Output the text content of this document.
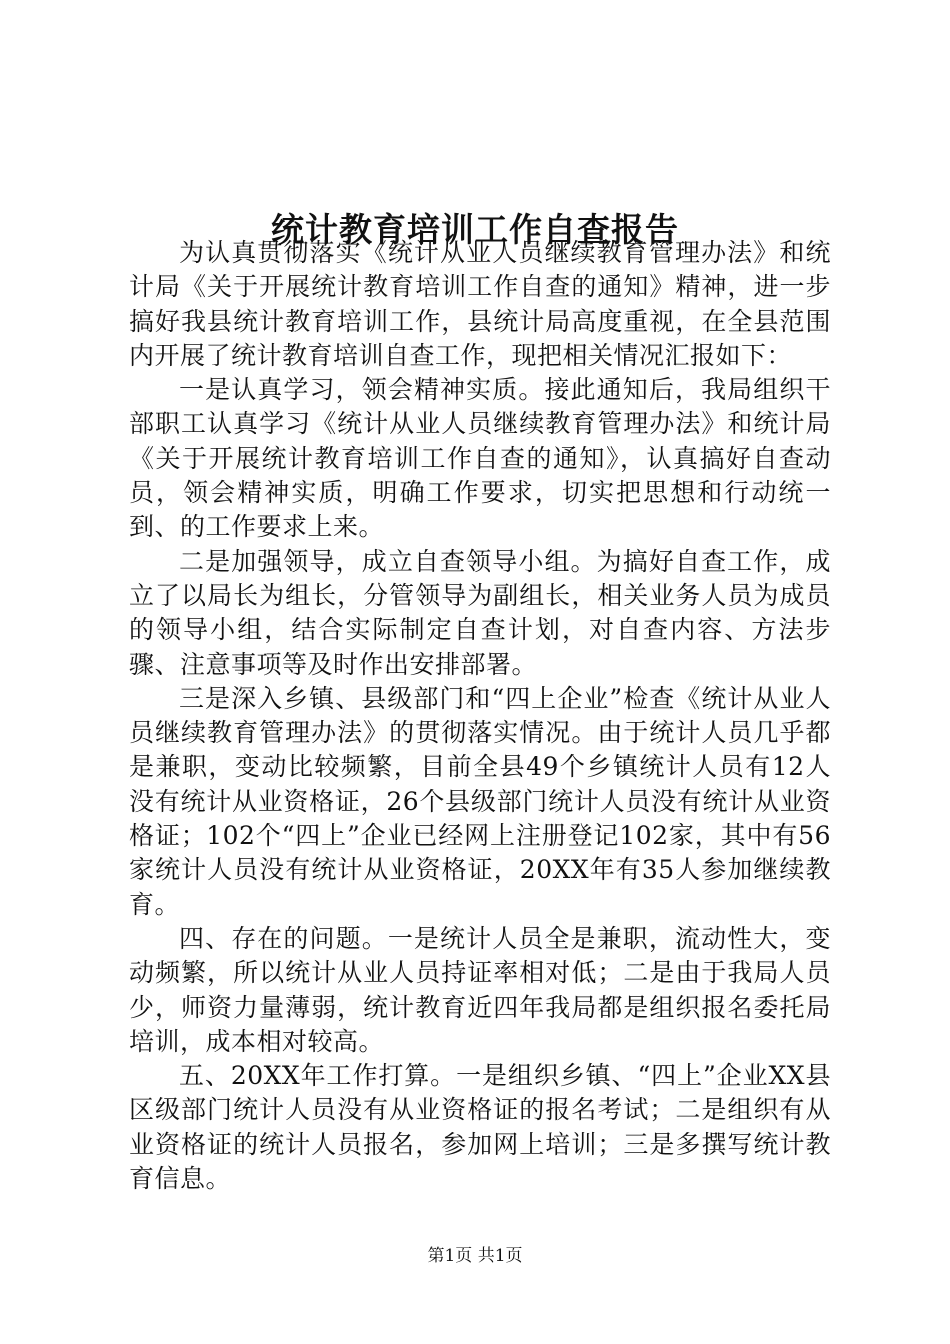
统计教育培训工作自查报告

为认真贯彻落实《统计从业人员继续教育管理办法》和统计局《关于开展统计教育培训工作自查的通知》精神，进一步搞好我县统计教育培训工作，县统计局高度重视，在全县范围内开展了统计教育培训自查工作，现把相关情况汇报如下：

一是认真学习，领会精神实质。接此通知后，我局组织干部职工认真学习《统计从业人员继续教育管理办法》和统计局《关于开展统计教育培训工作自查的通知》，认真搞好自查动员，领会精神实质，明确工作要求，切实把思想和行动统一到、的工作要求上来。

二是加强领导，成立自查领导小组。为搞好自查工作，成立了以局长为组长，分管领导为副组长，相关业务人员为成员的领导小组，结合实际制定自查计划，对自查内容、方法步骤、注意事项等及时作出安排部署。

三是深入乡镇、县级部门和“四上企业”检查《统计从业人员继续教育管理办法》的贯彻落实情况。由于统计人员几乎都是兼职，变动比较频繁，目前全县49个乡镇统计人员有12人没有统计从业资格证，26个县级部门统计人员没有统计从业资格证；102个“四上”企业已经网上注册登记102家，其中有56家统计人员没有统计从业资格证，20XX年有35人参加继续教育。

四、存在的问题。一是统计人员全是兼职，流动性大，变动频繁，所以统计从业人员持证率相对低；二是由于我局人员少，师资力量薄弱，统计教育近四年我局都是组织报名委托局培训，成本相对较高。

五、20XX年工作打算。一是组织乡镇、“四上”企业XX县区级部门统计人员没有从业资格证的报名考试；二是组织有从业资格证的统计人员报名，参加网上培训；三是多撰写统计教育信息。

第1页 共1页
